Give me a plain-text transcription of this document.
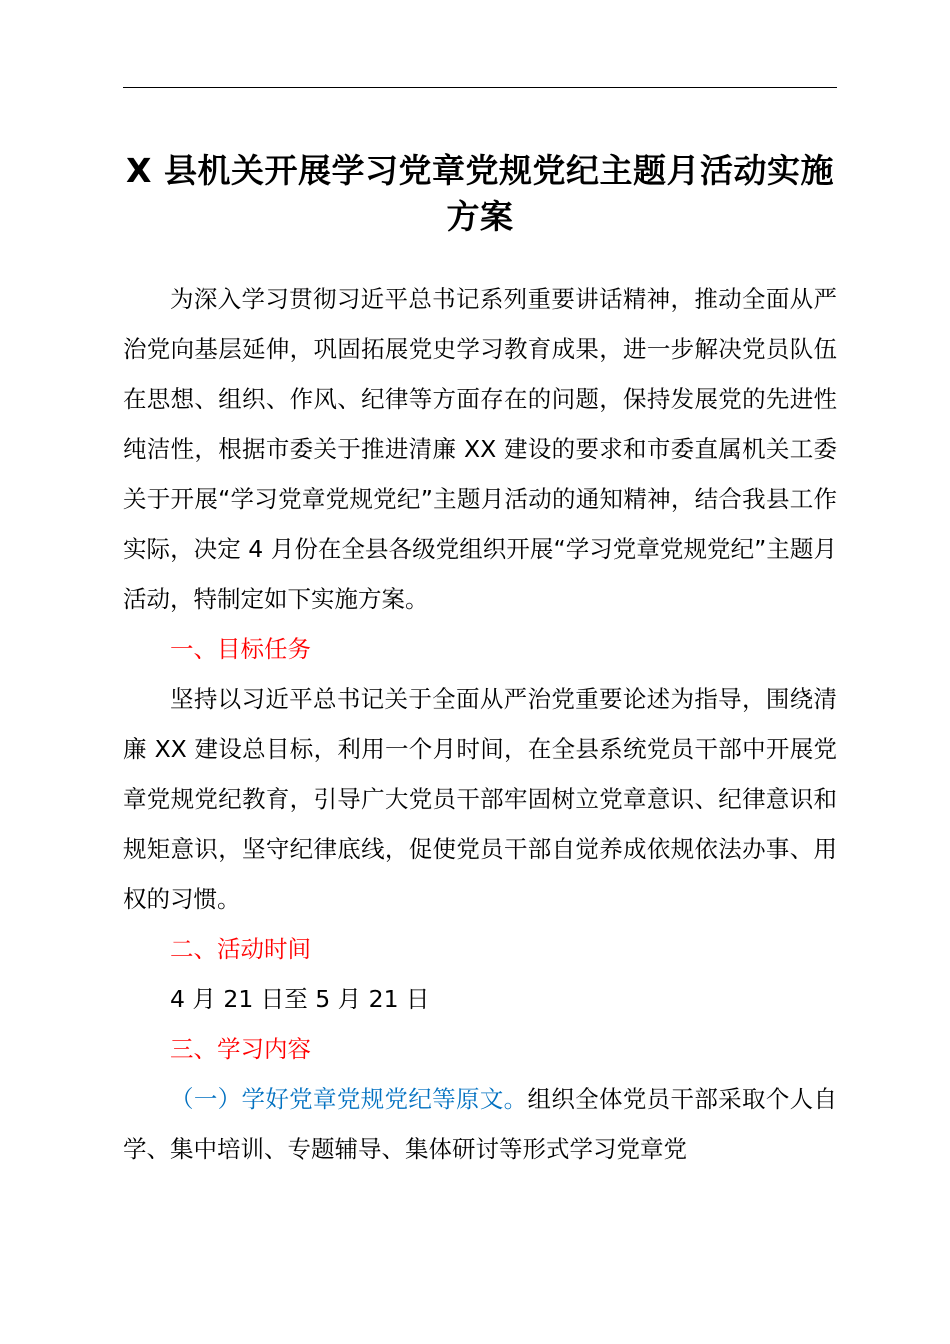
X 县机关开展学习党章党规党纪主题月活动实施方案

为深入学习贯彻习近平总书记系列重要讲话精神，推动全面从严治党向基层延伸，巩固拓展党史学习教育成果，进一步解决党员队伍在思想、组织、作风、纪律等方面存在的问题，保持发展党的先进性纯洁性，根据市委关于推进清廉 XX 建设的要求和市委直属机关工委关于开展“学习党章党规党纪”主题月活动的通知精神，结合我县工作实际，决定 4 月份在全县各级党组织开展“学习党章党规党纪”主题月活动，特制定如下实施方案。

一、目标任务

坚持以习近平总书记关于全面从严治党重要论述为指导，围绕清廉 XX 建设总目标，利用一个月时间，在全县系统党员干部中开展党章党规党纪教育，引导广大党员干部牢固树立党章意识、纪律意识和规矩意识，坚守纪律底线，促使党员干部自觉养成依规依法办事、用权的习惯。

二、活动时间

4 月 21 日至 5 月 21 日

三、学习内容

（一）学好党章党规党纪等原文。组织全体党员干部采取个人自学、集中培训、专题辅导、集体研讨等形式学习党章党
